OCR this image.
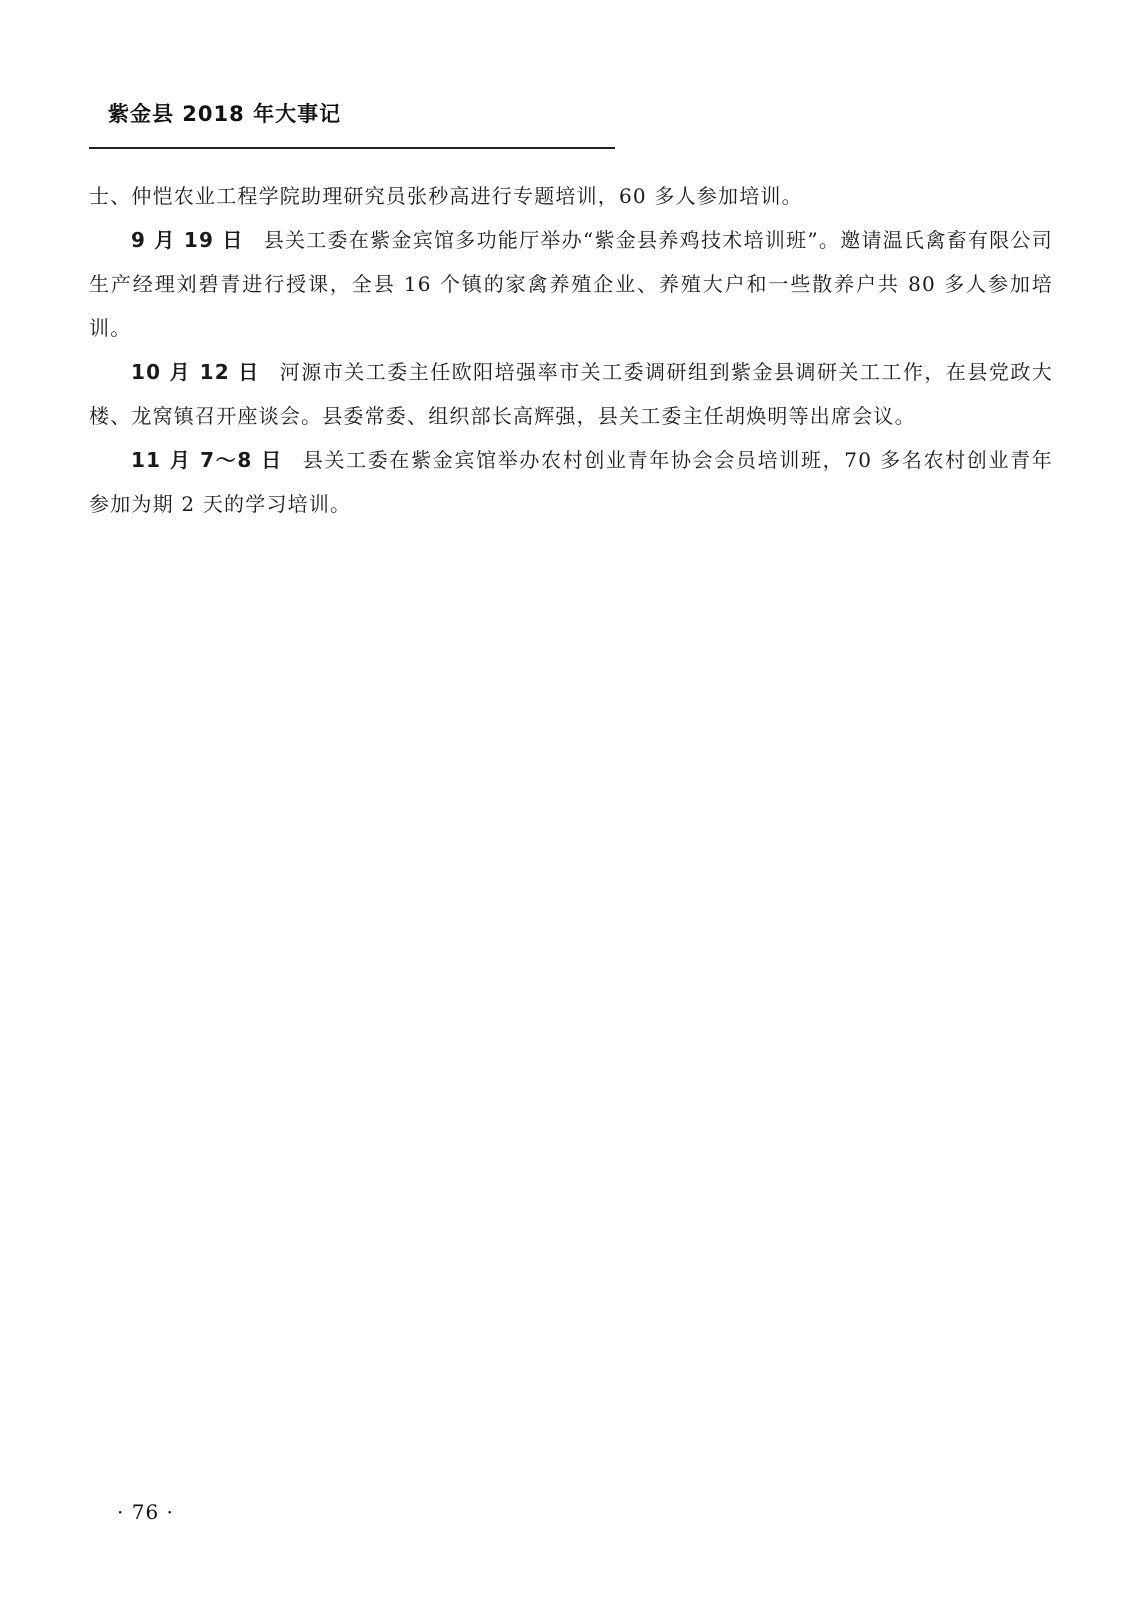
紫金县 2018 年大事记

士、仲恺农业工程学院助理研究员张秒高进行专题培训，60 多人参加培训。

9 月 19 日 县关工委在紫金宾馆多功能厅举办“紫金县养鸡技术培训班”。邀请温氏禽畜有限公司生产经理刘碧青进行授课，全县 16 个镇的家禽养殖企业、养殖大户和一些散养户共 80 多人参加培训。

10 月 12 日 河源市关工委主任欧阳培强率市关工委调研组到紫金县调研关工工作，在县党政大楼、龙窝镇召开座谈会。县委常委、组织部长高辉强，县关工委主任胡焕明等出席会议。

11 月 7～8 日 县关工委在紫金宾馆举办农村创业青年协会会员培训班，70 多名农村创业青年参加为期 2 天的学习培训。

· 76 ·
